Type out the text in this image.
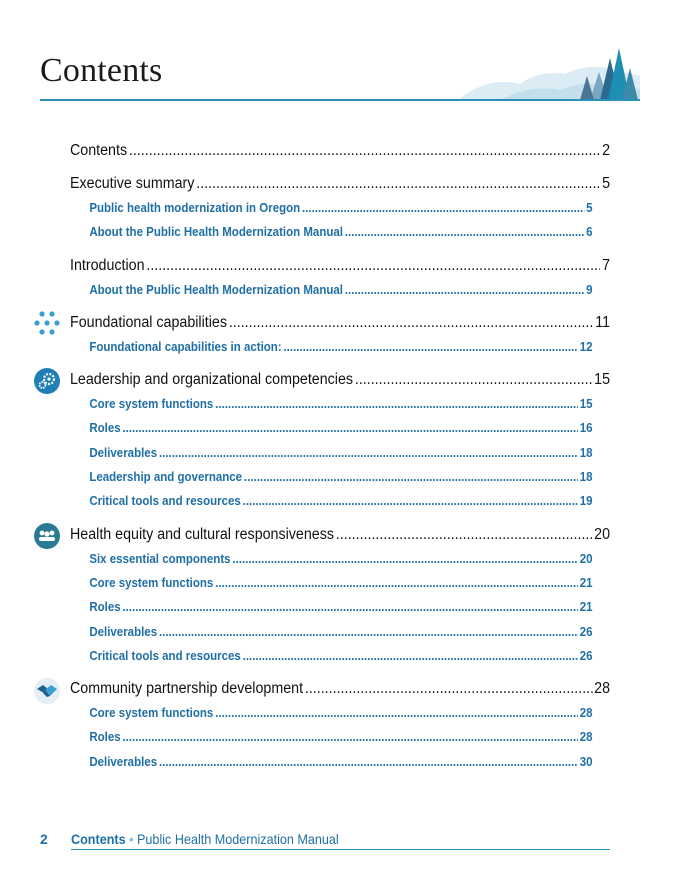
Contents
Contents .....	2
Executive summary .....	5
Public health modernization in Oregon .....	5
About the Public Health Modernization Manual .....	6
Introduction .....	7
About the Public Health Modernization Manual .....	9
Foundational capabilities .....	11
Foundational capabilities in action: .....	12
Leadership and organizational competencies .....	15
Core system functions .....	15
Roles .....	16
Deliverables .....	18
Leadership and governance .....	18
Critical tools and resources .....	19
Health equity and cultural responsiveness .....	20
Six essential components .....	20
Core system functions .....	21
Roles .....	21
Deliverables .....	26
Critical tools and resources .....	26
Community partnership development .....	28
Core system functions .....	28
Roles .....	28
Deliverables .....	30
2 Contents • Public Health Modernization Manual
